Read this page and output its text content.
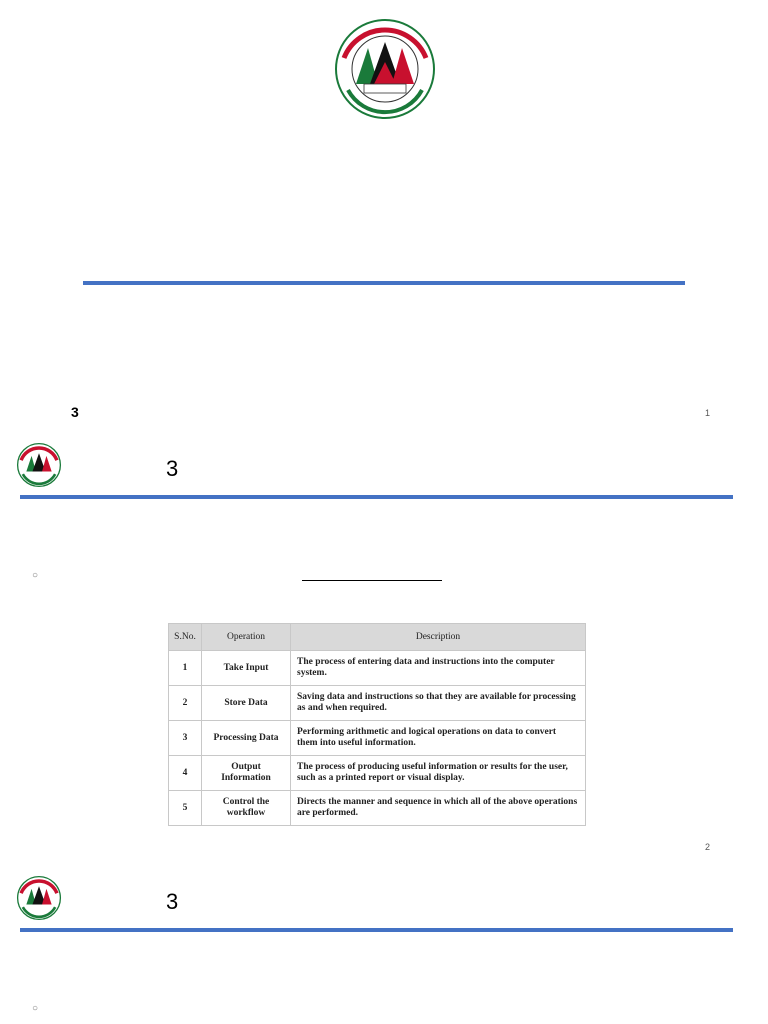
3	1
3
○
S.No.	Operation	Description
1	Take Input	The process of entering data and instructions into the computer system.
2	Store Data	Saving data and instructions so that they are available for processing as and when required.
3	Processing Data	Performing arithmetic and logical operations on data to convert them into useful information.
4	Output Information	The process of producing useful information or results for the user, such as a printed report or visual display.
5	Control the workflow	Directs the manner and sequence in which all of the above operations are performed.
2
3
○
